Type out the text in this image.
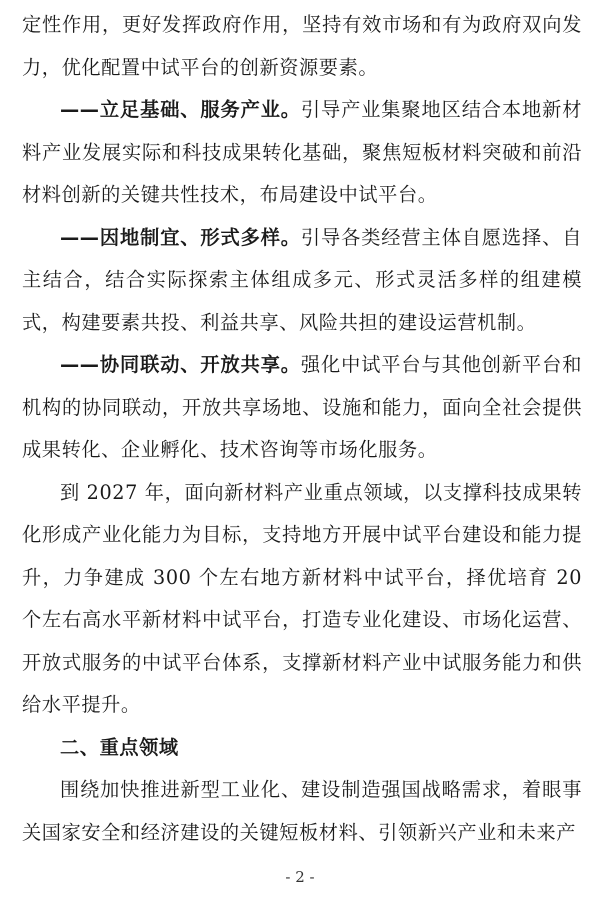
定性作用，更好发挥政府作用，坚持有效市场和有为政府双向发力，优化配置中试平台的创新资源要素。

——立足基础、服务产业。引导产业集聚地区结合本地新材料产业发展实际和科技成果转化基础，聚焦短板材料突破和前沿材料创新的关键共性技术，布局建设中试平台。

——因地制宜、形式多样。引导各类经营主体自愿选择、自主结合，结合实际探索主体组成多元、形式灵活多样的组建模式，构建要素共投、利益共享、风险共担的建设运营机制。

——协同联动、开放共享。强化中试平台与其他创新平台和机构的协同联动，开放共享场地、设施和能力，面向全社会提供成果转化、企业孵化、技术咨询等市场化服务。

到 2027 年，面向新材料产业重点领域，以支撑科技成果转化形成产业化能力为目标，支持地方开展中试平台建设和能力提升，力争建成 300 个左右地方新材料中试平台，择优培育 20 个左右高水平新材料中试平台，打造专业化建设、市场化运营、开放式服务的中试平台体系，支撑新材料产业中试服务能力和供给水平提升。

二、重点领域

围绕加快推进新型工业化、建设制造强国战略需求，着眼事关国家安全和经济建设的关键短板材料、引领新兴产业和未来产

- 2 -
